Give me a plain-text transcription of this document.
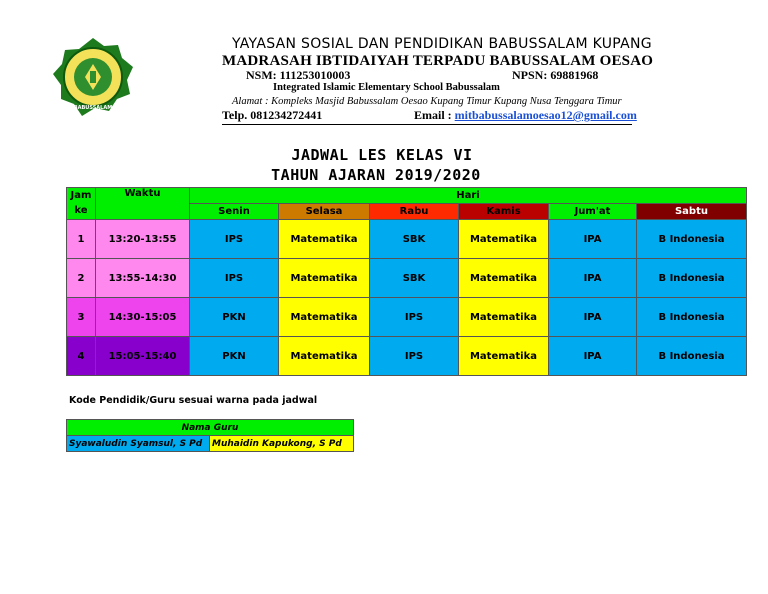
BABUSSALAM
YAYASAN SOSIAL DAN PENDIDIKAN BABUSSALAM KUPANG
MADRASAH IBTIDAIYAH TERPADU BABUSSALAM OESAO
NSM: 111253010003	NPSN: 69881968
Integrated Islamic Elementary School Babussalam
Alamat : Kompleks Masjid Babussalam Oesao Kupang Timur Kupang Nusa Tenggara Timur
Telp. 081234272441	Email : mitbabussalamoesao12@gmail.com
JADWAL LES KELAS VI
TAHUN AJARAN 2019/2020
Jam ke	Waktu	Hari					
		Senin	Selasa	Rabu	Kamis	Jum'at	Sabtu
1	13:20-13:55	IPS	Matematika	SBK	Matematika	IPA	B Indonesia
2	13:55-14:30	IPS	Matematika	SBK	Matematika	IPA	B Indonesia
3	14:30-15:05	PKN	Matematika	IPS	Matematika	IPA	B Indonesia
4	15:05-15:40	PKN	Matematika	IPS	Matematika	IPA	B Indonesia
Kode Pendidik/Guru sesuai warna pada jadwal
Nama Guru
Syawaludin Syamsul, S Pd	Muhaidin Kapukong, S Pd
